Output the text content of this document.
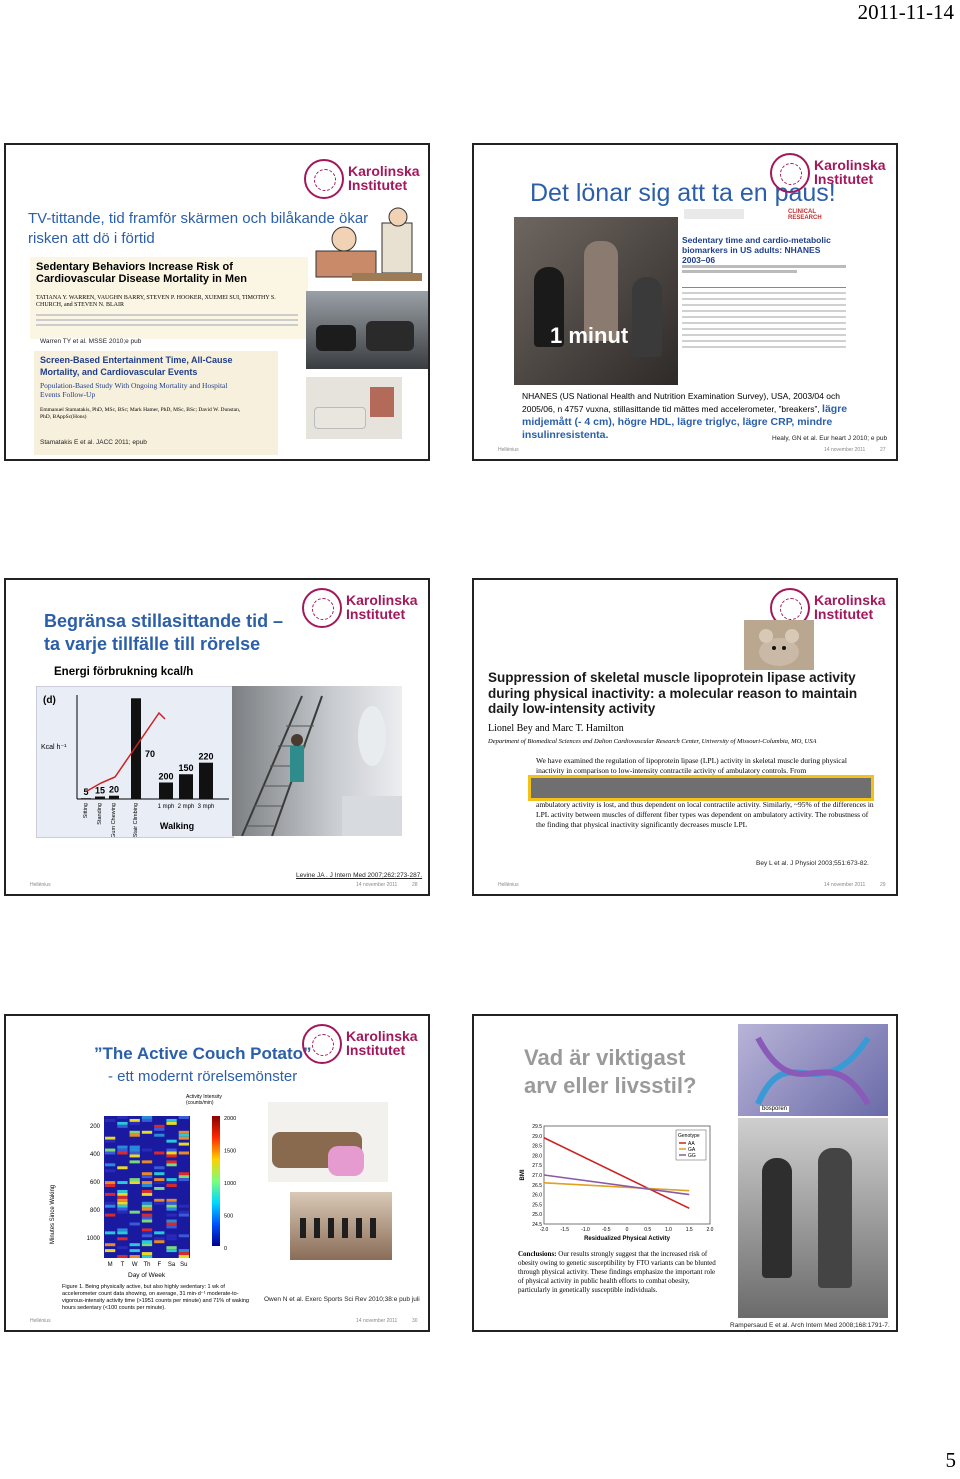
2011-11-14
TV-tittande, tid framför skärmen och bilåkande ökar risken att dö i förtid
Karolinska
Institutet
Sedentary Behaviors Increase Risk of Cardiovascular Disease Mortality in Men
TATIANA Y. WARREN, VAUGHN BARRY, STEVEN P. HOOKER, XUEMEI SUI, TIMOTHY S. CHURCH, and STEVEN N. BLAIR
Warren TY et al. MSSE 2010;e pub
Screen-Based Entertainment Time, All-Cause Mortality, and Cardiovascular Events
Population-Based Study With Ongoing Mortality and Hospital Events Follow-Up
Emmanuel Stamatakis, PhD, MSc, BSc; Mark Hamer, PhD, MSc, BSc; David W. Dunstan, PhD, BAppSc(Hons)
Stamatakis E et al. JACC 2011; epub
Det lönar sig att ta en paus!
Karolinska
Institutet
1 minut
CLINICAL RESEARCH
Sedentary time and cardio-metabolic biomarkers in US adults: NHANES 2003–06
NHANES (US National Health and Nutrition Examination Survey), USA, 2003/04 och 2005/06, n 4757 vuxna, stillasittande tid mättes med accelerometer, ”breakers”, lägre midjemått (- 4 cm), högre HDL, lägre triglyc, lägre CRP, mindre insulinresistenta.	Healy, GN et al. Eur heart J 2010; e pub
Hellénius	14 november 2011	27
Begränsa stillasittande tid –
ta varje tillfälle till rörelse
Karolinska
Institutet
Energi förbrukning kcal/h
(d)
Kcal h⁻¹
5
Sitting
15
Standing
20
Gum Chewing	Stair Climbing
200
1 mph
150
2 mph
220
3 mph
70
Walking
Levine JA . J Intern Med 2007;262:273-287.
Hellénius	14 november 2011	28
Karolinska
Institutet
Suppression of skeletal muscle lipoprotein lipase activity during physical inactivity: a molecular reason to maintain daily low-intensity activity
Lionel Bey and Marc T. Hamilton
Department of Biomedical Sciences and Dalton Cardiovascular Research Center, University of Missouri-Columbia, MO, USA
We have examined the regulation of lipoprotein lipase (LPL) activity in skeletal muscle during physical inactivity in comparison to low-intensity contractile activity of ambulatory controls. From
ambulatory activity is lost, and thus dependent on local contractile activity. Similarly, ~95% of the differences in LPL activity between muscles of different fiber types was dependent on ambulatory activity. The robustness of the finding that physical inactivity significantly decreases muscle LPL
Bey L et al. J Physiol 2003;551:673-82.
Hellénius	14 november 2011	29
”The Active Couch Potato”
- ett modernt rörelsemönster
Karolinska
Institutet
Activity Intensity (counts/min)
Minutes Since Waking
200
400
600
800
1000
M T W Th F Sa Su
2000
1500
1000
500
0
Day of Week
Figure 1. Being physically active, but also highly sedentary: 1 wk of accelerometer count data showing, on average, 31 min·d⁻¹ moderate-to-vigorous-intensity activity time (>1951 counts per minute) and 71% of waking hours sedentary (<100 counts per minute).
Owen N et al. Exerc Sports Sci Rev 2010;38:e pub juli
Hellénius	14 november 2011	30
Vad är viktigast
arv eller livsstil?
bosporen
24.5
25.0
25.5
26.0
26.5
27.0
27.5
28.0
28.5
29.0
29.5
-2.0 -1.5 -1.0 -0.5	0	0.5	1.0	1.5	2.0
Residualized Physical Activity
BMI
Genotype
AA
GA
GG
Conclusions: Our results strongly suggest that the increased risk of obesity owing to genetic susceptibility by FTO variants can be blunted through physical activity. These findings emphasize the important role of physical activity in public health efforts to combat obesity, particularly in genetically susceptible individuals.
Rampersaud E et al. Arch Intern Med 2008;168:1791-7.
5
